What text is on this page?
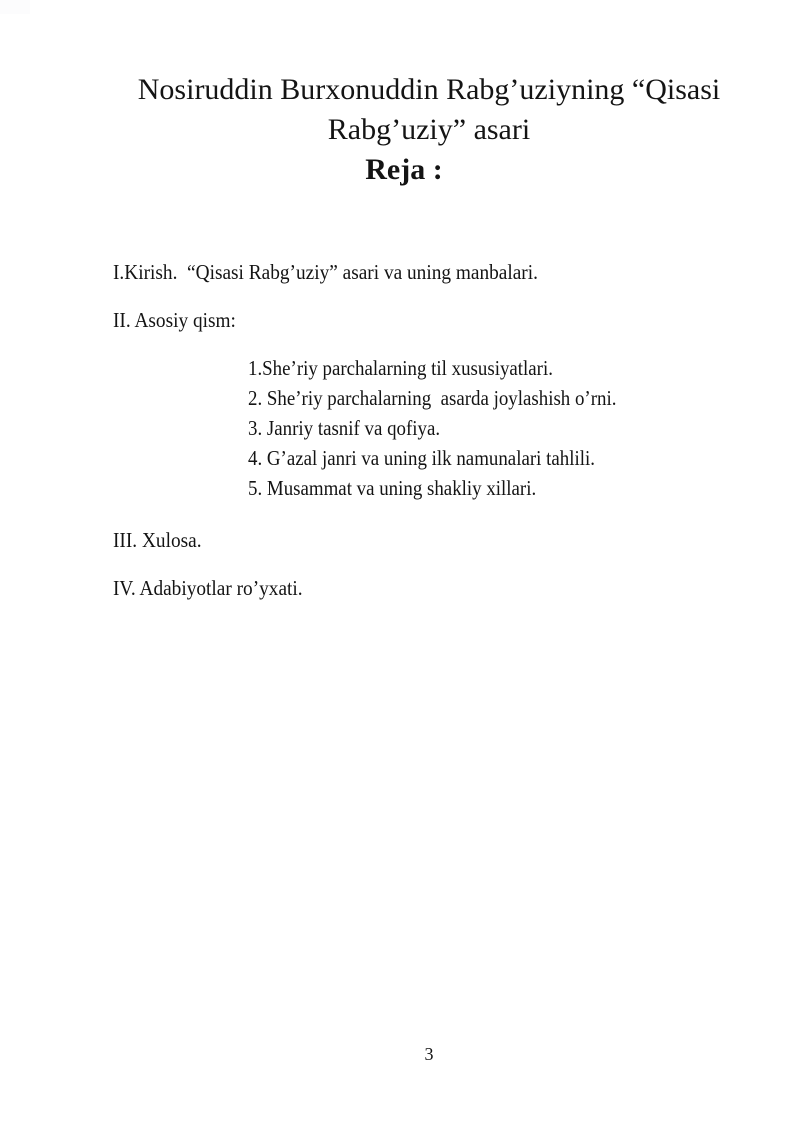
Nosiruddin Burxonuddin Rabg’uziyning “Qisasi
Rabg’uziy” asari
Reja :

I.Kirish.  “Qisasi Rabg’uziy” asari va uning manbalari.

II. Asosiy qism:

1.She’riy parchalarning til xususiyatlari.

2. She’riy parchalarning  asarda joylashish o’rni.

3. Janriy tasnif va qofiya.

4. G’azal janri va uning ilk namunalari tahlili.

5. Musammat va uning shakliy xillari.

III. Xulosa.

IV. Adabiyotlar ro’yxati.

3
